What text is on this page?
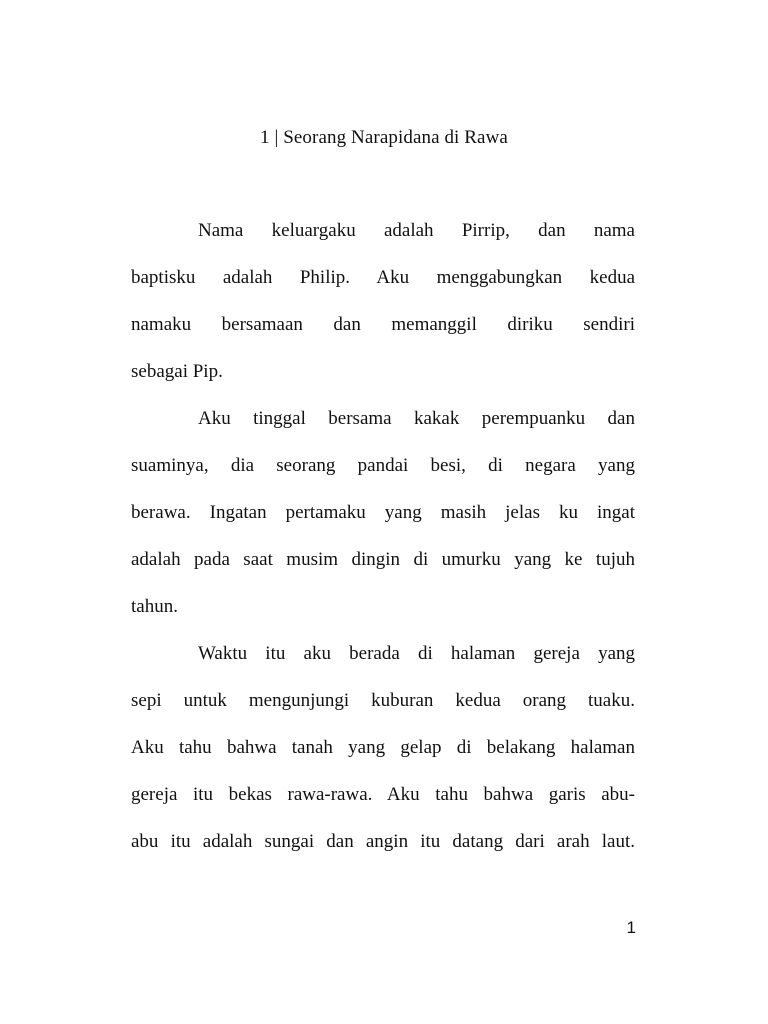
1 | Seorang Narapidana di Rawa
Nama keluargaku adalah Pirrip, dan nama
baptisku adalah Philip. Aku menggabungkan kedua
namaku bersamaan dan memanggil diriku sendiri
sebagai Pip.
Aku tinggal bersama kakak perempuanku dan
suaminya, dia seorang pandai besi, di negara yang
berawa. Ingatan pertamaku yang masih jelas ku ingat
adalah pada saat musim dingin di umurku yang ke tujuh
tahun.
Waktu itu aku berada di halaman gereja yang
sepi untuk mengunjungi kuburan kedua orang tuaku.
Aku tahu bahwa tanah yang gelap di belakang halaman
gereja itu bekas rawa-rawa. Aku tahu bahwa garis abu-
abu itu adalah sungai dan angin itu datang dari arah laut.
1
